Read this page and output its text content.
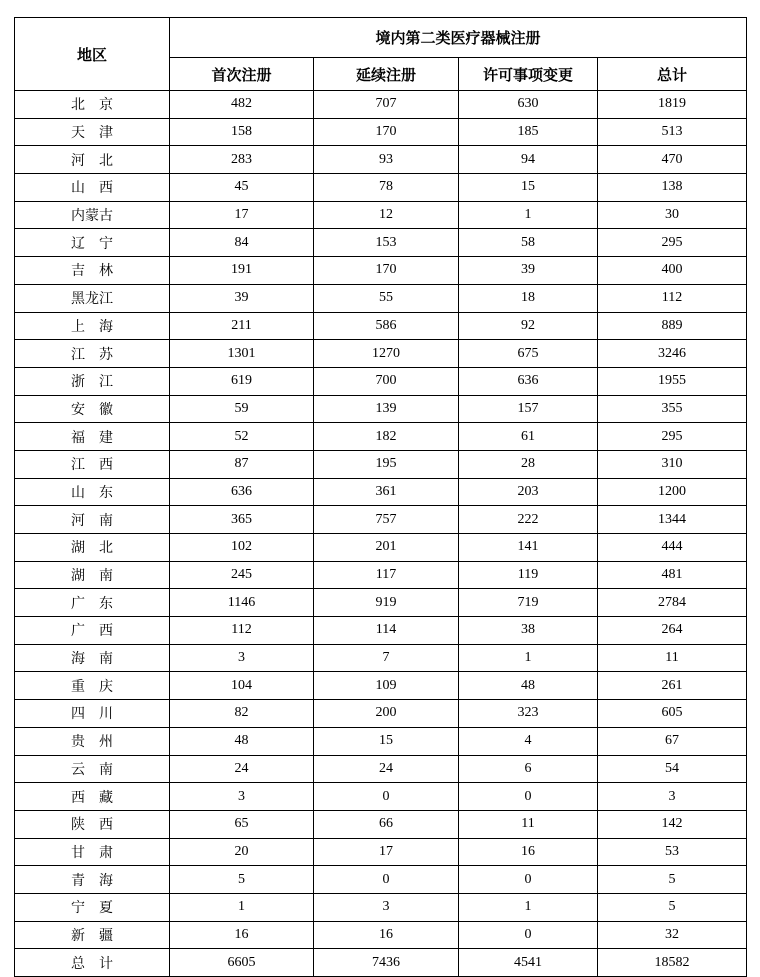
地区	境内第二类医疗器械注册			
	首次注册	延续注册	许可事项变更	总计
北　京	482	707	630	1819
天　津	158	170	185	513
河　北	283	93	94	470
山　西	45	78	15	138
内蒙古	17	12	1	30
辽　宁	84	153	58	295
吉　林	191	170	39	400
黑龙江	39	55	18	112
上　海	211	586	92	889
江　苏	1301	1270	675	3246
浙　江	619	700	636	1955
安　徽	59	139	157	355
福　建	52	182	61	295
江　西	87	195	28	310
山　东	636	361	203	1200
河　南	365	757	222	1344
湖　北	102	201	141	444
湖　南	245	117	119	481
广　东	1146	919	719	2784
广　西	112	114	38	264
海　南	3	7	1	11
重　庆	104	109	48	261
四　川	82	200	323	605
贵　州	48	15	4	67
云　南	24	24	6	54
西　藏	3	0	0	3
陕　西	65	66	11	142
甘　肃	20	17	16	53
青　海	5	0	0	5
宁　夏	1	3	1	5
新　疆	16	16	0	32
总　计	6605	7436	4541	18582
